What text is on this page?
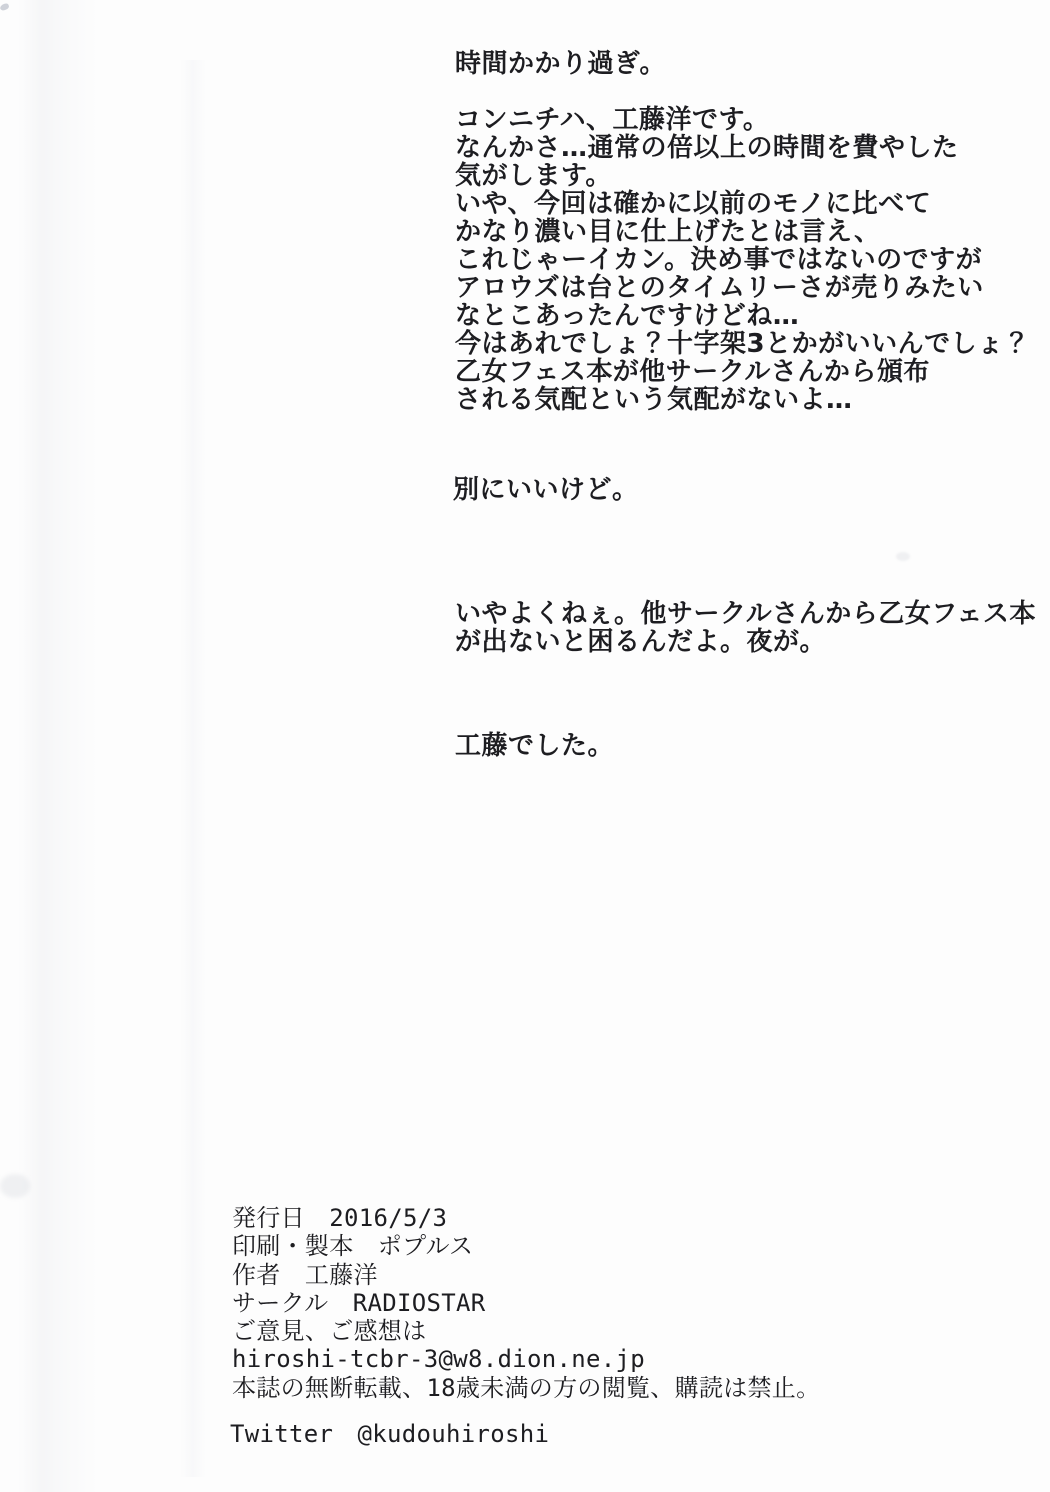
時間かかり過ぎ。
コンニチハ、工藤洋です。
なんかさ…通常の倍以上の時間を費やした
気がします。
いや、今回は確かに以前のモノに比べて
かなり濃い目に仕上げたとは言え、
これじゃーイカン。決め事ではないのですが
アロウズは台とのタイムリーさが売りみたい
なとこあったんですけどね…
今はあれでしょ？十字架3とかがいいんでしょ？
乙女フェス本が他サークルさんから頒布
される気配という気配がないよ…
別にいいけど。
いやよくねぇ。他サークルさんから乙女フェス本
が出ないと困るんだよ。夜が。
工藤でした。
発行日　2016/5/3
印刷・製本　ポプルス
作者　工藤洋
サークル　RADIOSTAR
ご意見、ご感想は
hiroshi-tcbr-3@w8.dion.ne.jp
本誌の無断転載、18歳未満の方の閲覧、購読は禁止。
Twitter　@kudouhiroshi
